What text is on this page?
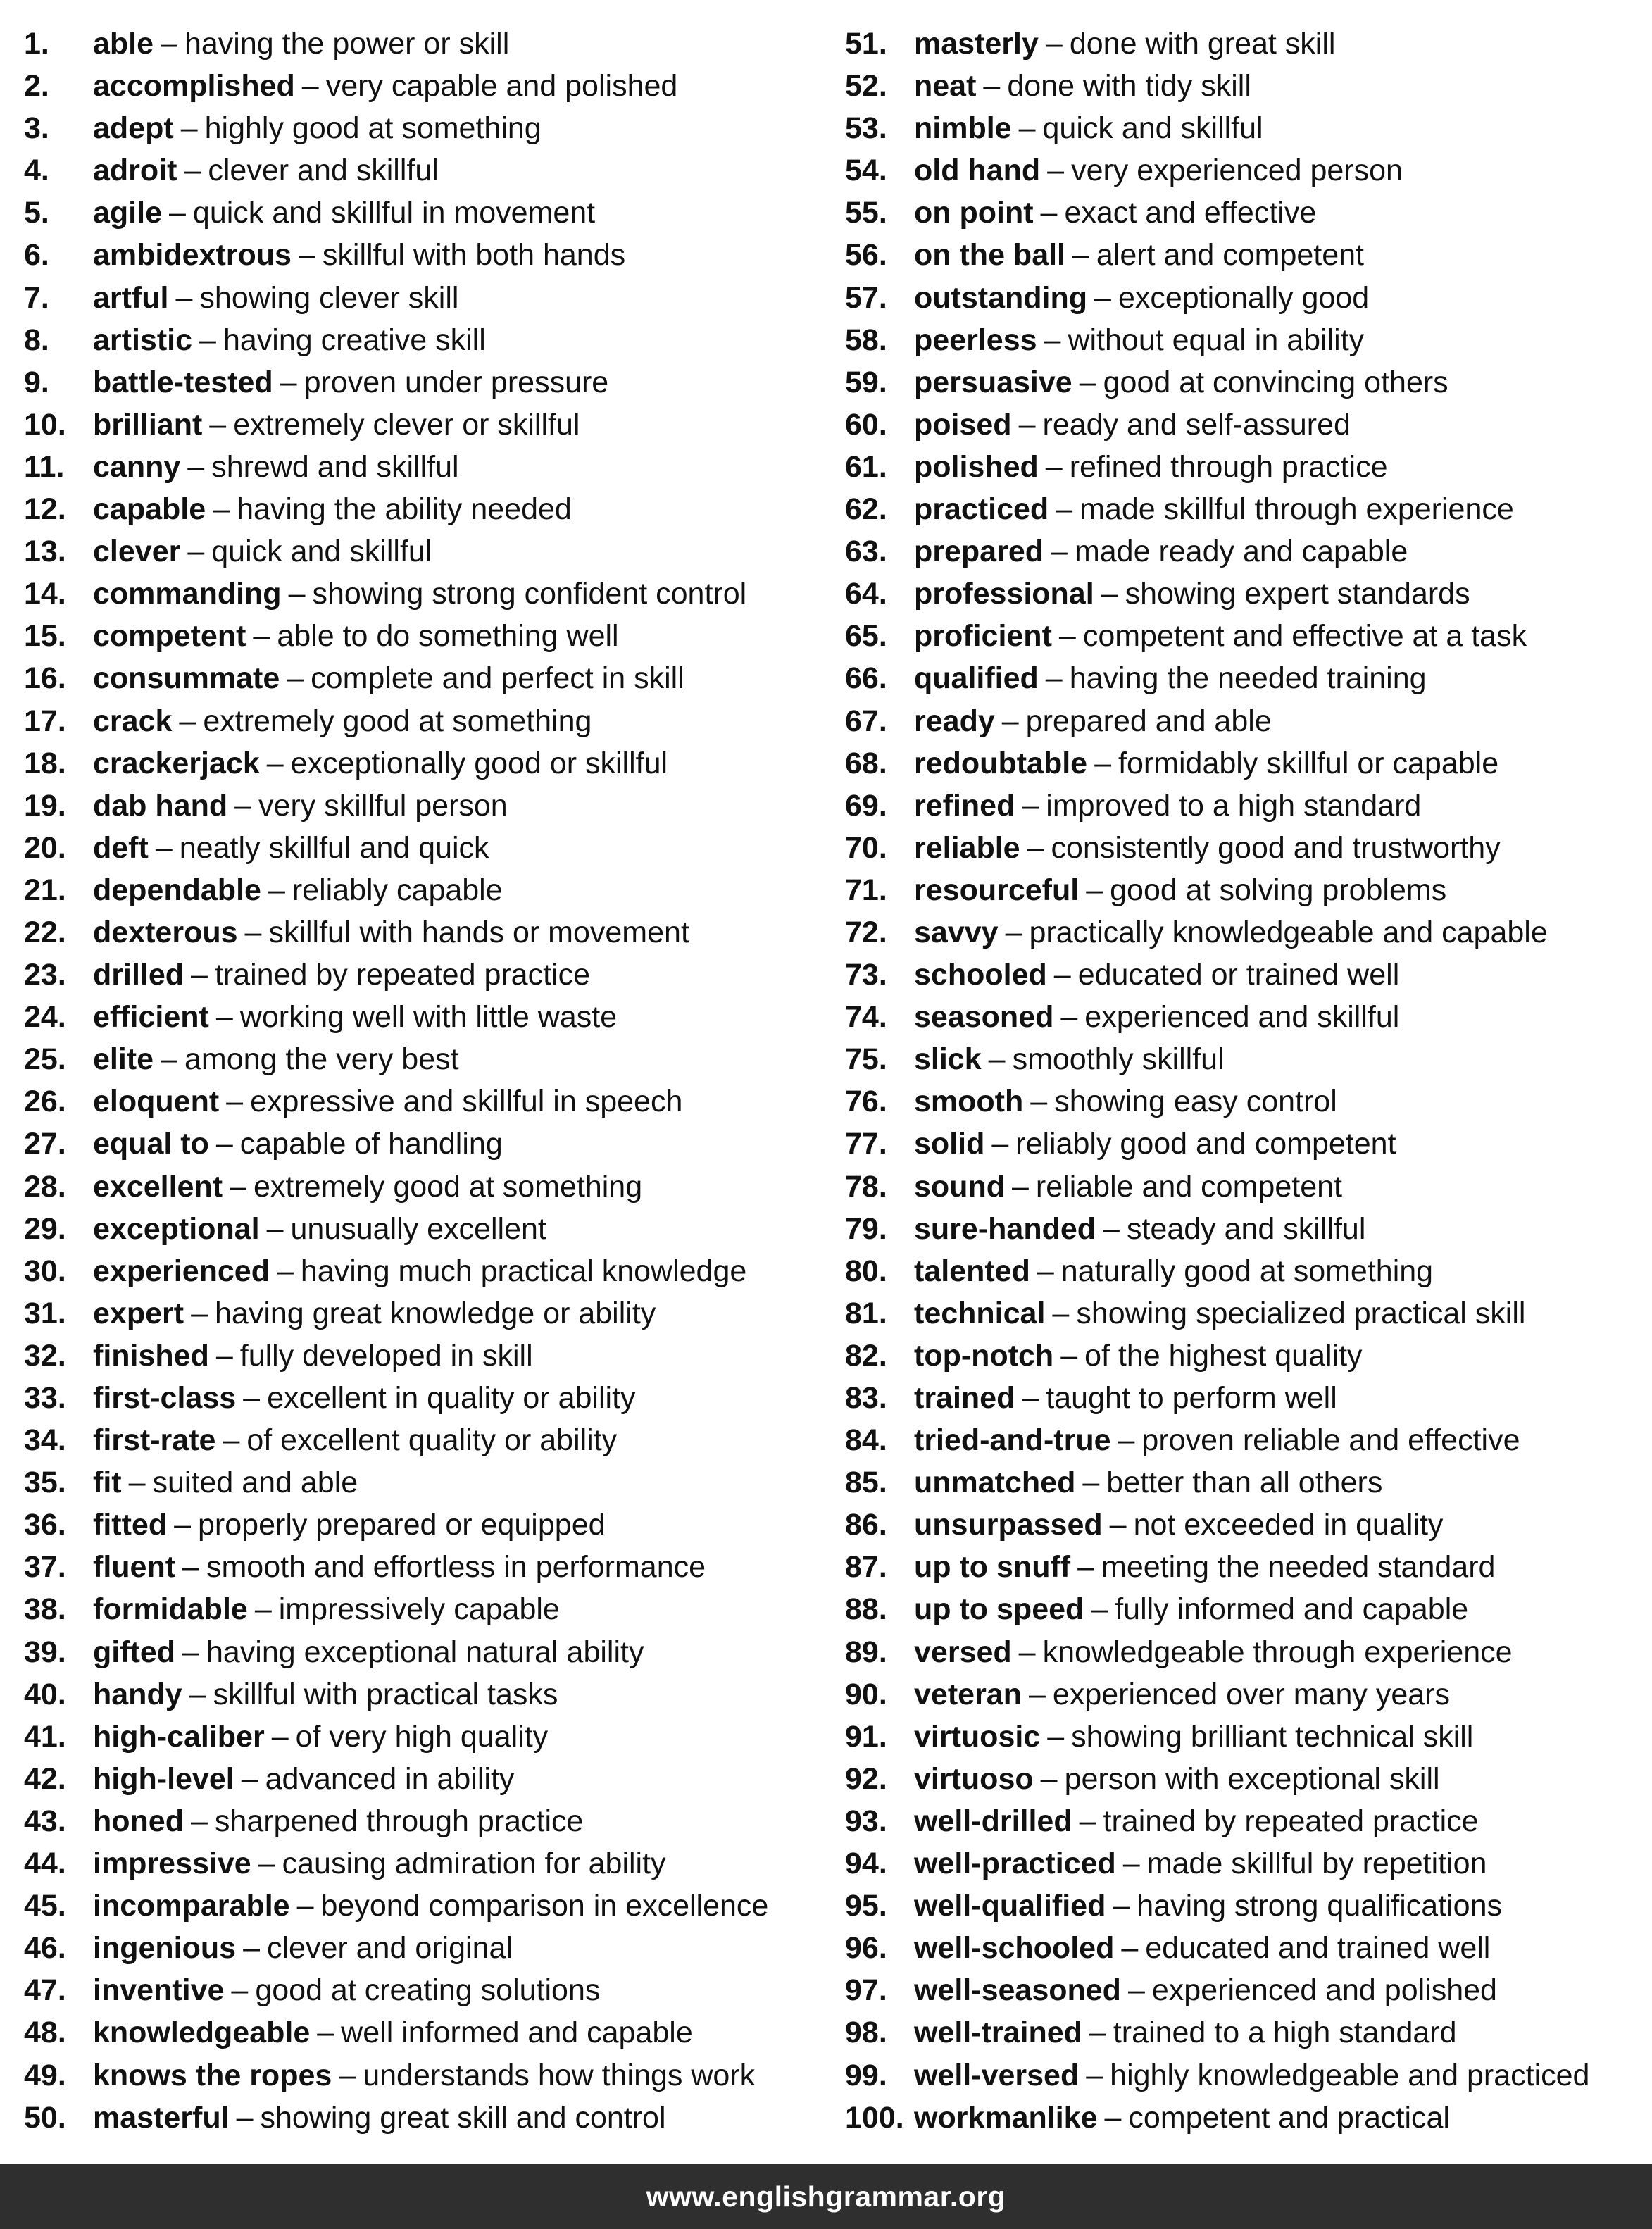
1.	able – having the power or skill
2.	accomplished – very capable and polished
3.	adept – highly good at something
4.	adroit – clever and skillful
5.	agile – quick and skillful in movement
6.	ambidextrous – skillful with both hands
7.	artful – showing clever skill
8.	artistic – having creative skill
9.	battle-tested – proven under pressure
10. brilliant – extremely clever or skillful
11. canny – shrewd and skillful
12. capable – having the ability needed
13. clever – quick and skillful
14. commanding – showing strong confident control
15. competent – able to do something well
16. consummate – complete and perfect in skill
17. crack – extremely good at something
18. crackerjack – exceptionally good or skillful
19. dab hand – very skillful person
20. deft – neatly skillful and quick
21. dependable – reliably capable
22. dexterous – skillful with hands or movement
23. drilled – trained by repeated practice
24. efficient – working well with little waste
25. elite – among the very best
26. eloquent – expressive and skillful in speech
27. equal to – capable of handling
28. excellent – extremely good at something
29. exceptional – unusually excellent
30. experienced – having much practical knowledge
31. expert – having great knowledge or ability
32. finished – fully developed in skill
33. first-class – excellent in quality or ability
34. first-rate – of excellent quality or ability
35. fit – suited and able
36. fitted – properly prepared or equipped
37. fluent – smooth and effortless in performance
38. formidable – impressively capable
39. gifted – having exceptional natural ability
40. handy – skillful with practical tasks
41. high-caliber – of very high quality
42. high-level – advanced in ability
43. honed – sharpened through practice
44. impressive – causing admiration for ability
45. incomparable – beyond comparison in excellence
46. ingenious – clever and original
47. inventive – good at creating solutions
48. knowledgeable – well informed and capable
49. knows the ropes – understands how things work
50. masterful – showing great skill and control
51. masterly – done with great skill
52. neat – done with tidy skill
53. nimble – quick and skillful
54. old hand – very experienced person
55. on point – exact and effective
56. on the ball – alert and competent
57. outstanding – exceptionally good
58. peerless – without equal in ability
59. persuasive – good at convincing others
60. poised – ready and self-assured
61. polished – refined through practice
62. practiced – made skillful through experience
63. prepared – made ready and capable
64. professional – showing expert standards
65. proficient – competent and effective at a task
66. qualified – having the needed training
67. ready – prepared and able
68. redoubtable – formidably skillful or capable
69. refined – improved to a high standard
70. reliable – consistently good and trustworthy
71. resourceful – good at solving problems
72. savvy – practically knowledgeable and capable
73. schooled – educated or trained well
74. seasoned – experienced and skillful
75. slick – smoothly skillful
76. smooth – showing easy control
77. solid – reliably good and competent
78. sound – reliable and competent
79. sure-handed – steady and skillful
80. talented – naturally good at something
81. technical – showing specialized practical skill
82. top-notch – of the highest quality
83. trained – taught to perform well
84. tried-and-true – proven reliable and effective
85. unmatched – better than all others
86. unsurpassed – not exceeded in quality
87. up to snuff – meeting the needed standard
88. up to speed – fully informed and capable
89. versed – knowledgeable through experience
90. veteran – experienced over many years
91. virtuosic – showing brilliant technical skill
92. virtuoso – person with exceptional skill
93. well-drilled – trained by repeated practice
94. well-practiced – made skillful by repetition
95. well-qualified – having strong qualifications
96. well-schooled – educated and trained well
97. well-seasoned – experienced and polished
98. well-trained – trained to a high standard
99. well-versed – highly knowledgeable and practiced
100. workmanlike – competent and practical
www.englishgrammar.org
